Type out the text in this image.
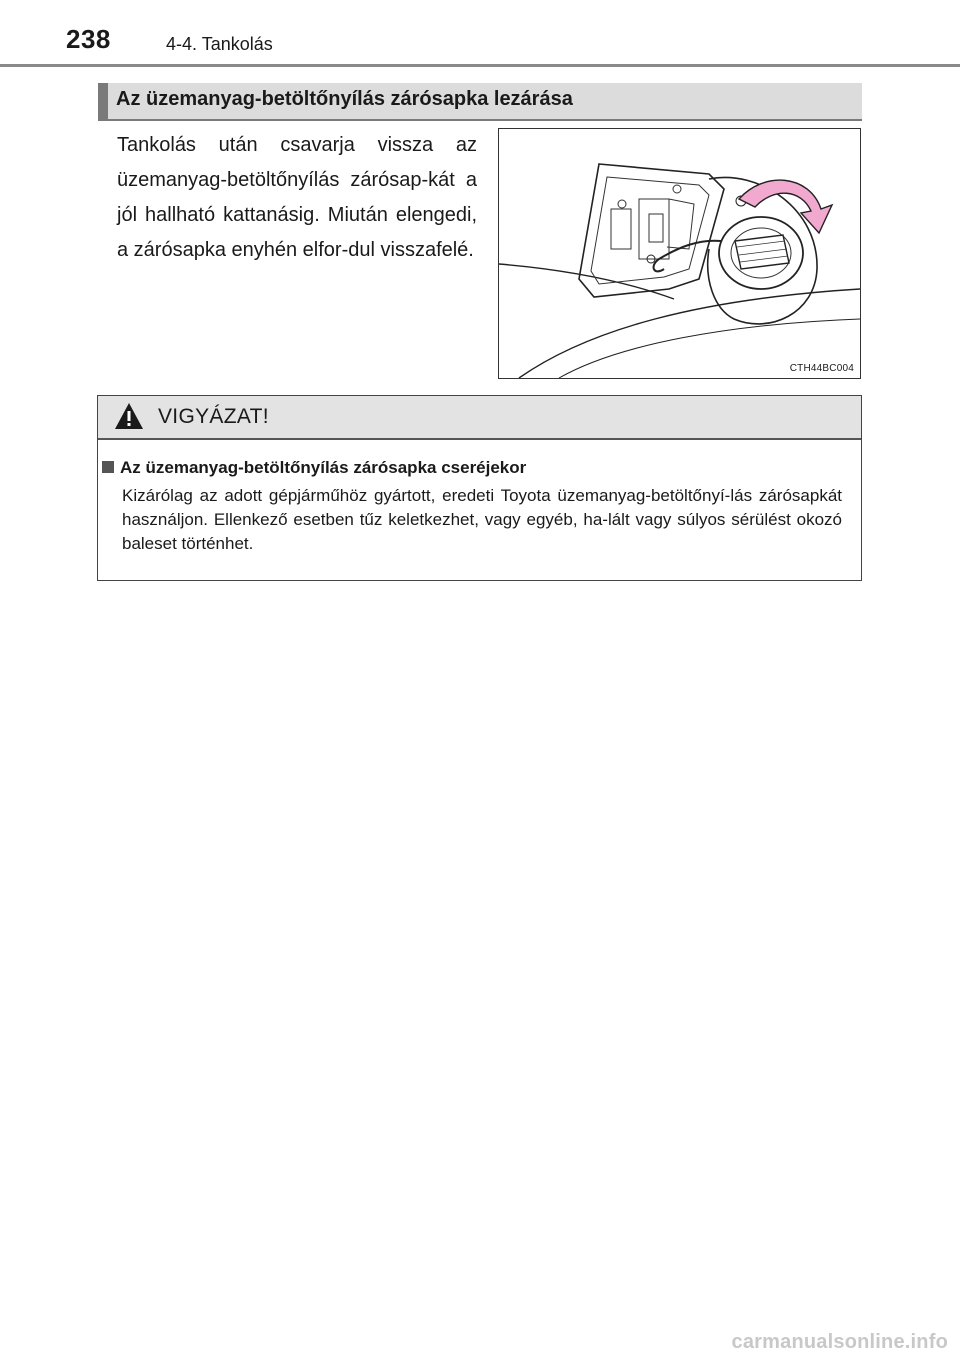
238	4-4. Tankolás
Az üzemanyag-betöltőnyílás zárósapka lezárása
Tankolás után csavarja vissza az üzemanyag-betöltőnyílás zárósap-kát a jól hallható kattanásig. Miután elengedi, a zárósapka enyhén elfor-dul visszafelé.
CTH44BC004
VIGYÁZAT!
Az üzemanyag-betöltőnyílás zárósapka cseréjekor
Kizárólag az adott gépjárműhöz gyártott, eredeti Toyota üzemanyag-betöltőnyí-lás zárósapkát használjon. Ellenkező esetben tűz keletkezhet, vagy egyéb, ha-lált vagy súlyos sérülést okozó baleset történhet.
carmanualsonline.info
